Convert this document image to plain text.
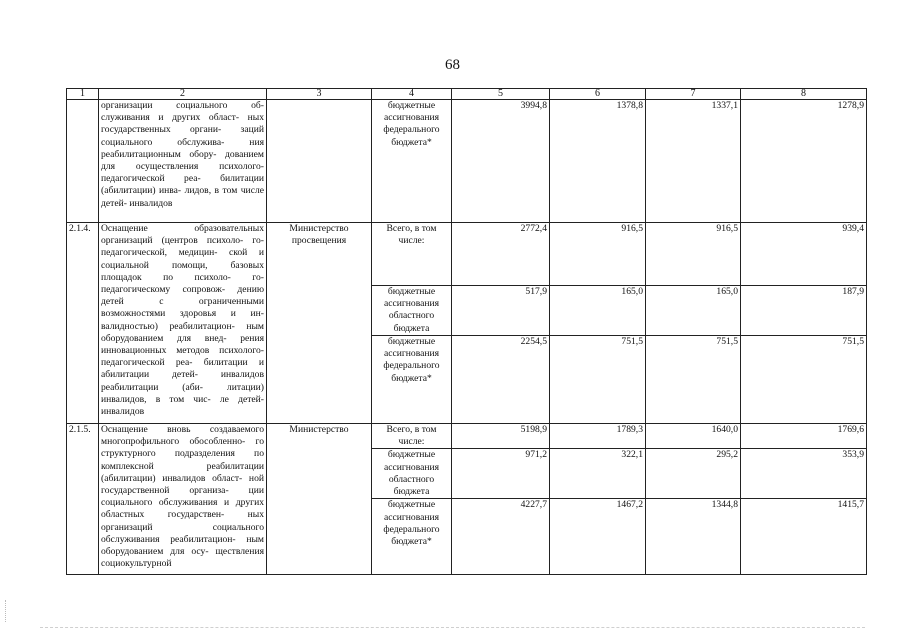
68
1	2	3	4	5	6	7	8
	организации социального об- служивания и других област- ных государственных органи- заций социального обслужива- ния реабилитационным обору- дованием для осуществления психолого-педагогической реа- билитации (абилитации) инва- лидов, в том числе детей- инвалидов		бюджетные ассигнования федерального бюджета*	3994,8	1378,8	1337,1	1278,9
2.1.4.	Оснащение образовательных организаций (центров психоло- го-педагогической, медицин- ской и социальной помощи, базовых площадок по психоло- го-педагогическому сопровож- дению детей с ограниченными возможностями здоровья и ин- валидностью) реабилитацион- ным оборудованием для внед- рения инновационных методов психолого-педагогической реа- билитации и абилитации детей- инвалидов реабилитации (аби- литации) инвалидов, в том чис- ле детей-инвалидов	Министерство просвещения	Всего, в том числе:	2772,4	916,5	916,5	939,4
			бюджетные ассигнования областного бюджета	517,9	165,0	165,0	187,9
			бюджетные ассигнования федерального бюджета*	2254,5	751,5	751,5	751,5
2.1.5.	Оснащение вновь создаваемого многопрофильного обособленно- го структурного подразделения по комплексной реабилитации (абилитации) инвалидов област- ной государственной организа- ции социального обслуживания и других областных государствен- ных организаций социального обслуживания реабилитацион- ным оборудованием для осу- ществления социокультурной	Министерство	Всего, в том числе:	5198,9	1789,3	1640,0	1769,6
			бюджетные ассигнования областного бюджета	971,2	322,1	295,2	353,9
			бюджетные ассигнования федерального бюджета*	4227,7	1467,2	1344,8	1415,7
